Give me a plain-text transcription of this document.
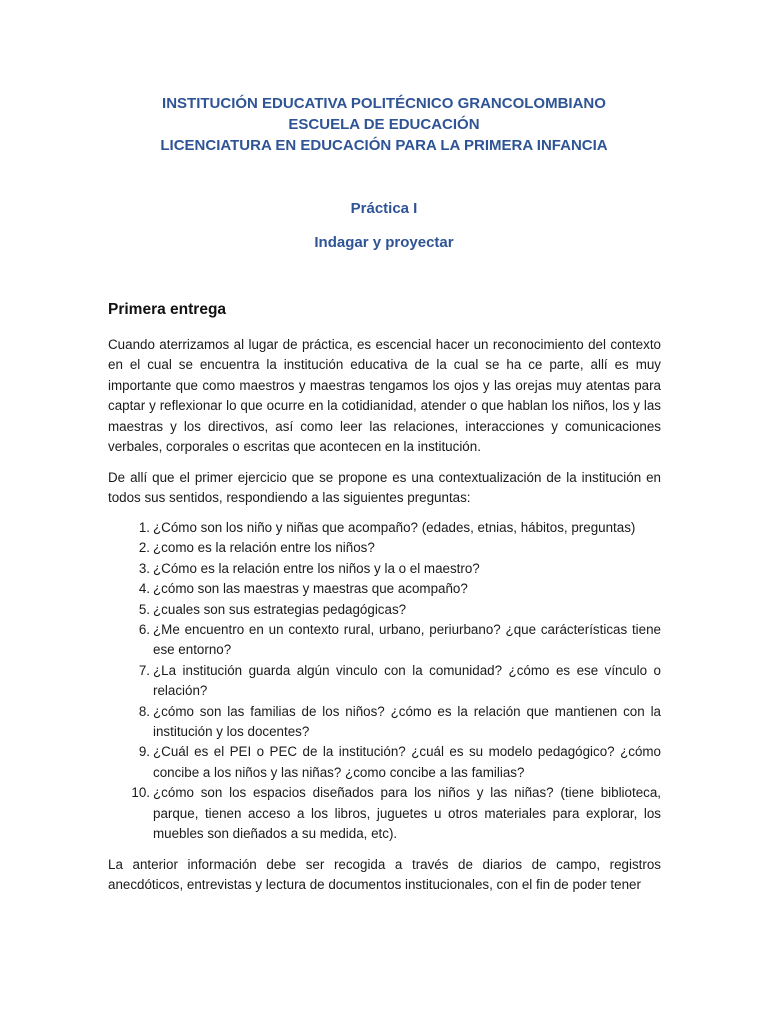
INSTITUCIÓN EDUCATIVA POLITÉCNICO GRANCOLOMBIANO
ESCUELA DE EDUCACIÓN
LICENCIATURA EN EDUCACIÓN PARA LA PRIMERA INFANCIA
Práctica I
Indagar y proyectar
Primera entrega

Cuando aterrizamos al lugar de práctica, es escencial hacer un reconocimiento del contexto en el cual se encuentra la institución educativa de la cual se ha ce parte, allí es muy importante que como maestros y maestras tengamos los ojos y las orejas muy atentas para captar y reflexionar lo que ocurre en la cotidianidad, atender o que hablan los niños, los y las maestras y los directivos, así como leer las relaciones, interacciones y comunicaciones verbales, corporales o escritas que acontecen en la institución.

De allí que el primer ejercicio que se propone es una contextualización de la institución en todos sus sentidos, respondiendo a las siguientes preguntas:

1. ¿Cómo son los niño y niñas que acompaño? (edades, etnias, hábitos, preguntas)
2. ¿como es la relación entre los niños?
3. ¿Cómo es la relación entre los niños y la o el maestro?
4. ¿cómo son las maestras y maestras que acompaño?
5. ¿cuales son sus estrategias pedagógicas?
6. ¿Me encuentro en un contexto rural, urbano, periurbano? ¿que carácterísticas tiene ese entorno?
7. ¿La institución guarda algún vinculo con la comunidad? ¿cómo es ese vínculo o relación?
8. ¿cómo son las familias de los niños? ¿cómo es la relación que mantienen con la institución y los docentes?
9. ¿Cuál es el PEI o PEC de la institución? ¿cuál es su modelo pedagógico? ¿cómo concibe a los niños y las niñas? ¿como concibe a las familias?
10. ¿cómo son los espacios diseñados para los niños y las niñas? (tiene biblioteca, parque, tienen acceso a los libros, juguetes u otros materiales para explorar, los muebles son dieñados a su medida, etc).

La anterior información debe ser recogida a través de diarios de campo, registros anecdóticos, entrevistas y lectura de documentos institucionales, con el fin de poder tener
